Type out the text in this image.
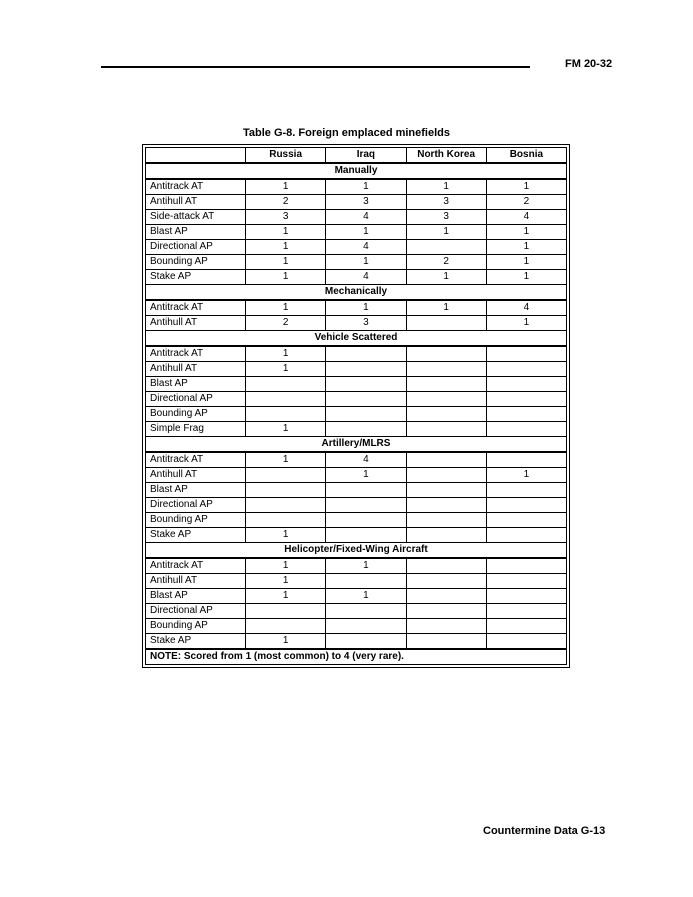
FM 20-32
Table G-8. Foreign emplaced minefields
	Russia	Iraq	North Korea	Bosnia
Manually				
Antitrack AT	1	1	1	1
Antihull AT	2	3	3	2
Side-attack AT	3	4	3	4
Blast AP	1	1	1	1
Directional AP	1	4		1
Bounding AP	1	1	2	1
Stake AP	1	4	1	1
Mechanically				
Antitrack AT	1	1	1	4
Antihull AT	2	3		1
Vehicle Scattered				
Antitrack AT	1			
Antihull AT	1			
Blast AP				
Directional AP				
Bounding AP				
Simple Frag	1			
Artillery/MLRS				
Antitrack AT	1	4		
Antihull AT		1		1
Blast AP				
Directional AP				
Bounding AP				
Stake AP	1			
Helicopter/Fixed-Wing Aircraft				
Antitrack AT	1	1		
Antihull AT	1			
Blast AP	1	1		
Directional AP				
Bounding AP				
Stake AP	1			
NOTE: Scored from 1 (most common) to 4 (very rare).				
Countermine Data G-13
